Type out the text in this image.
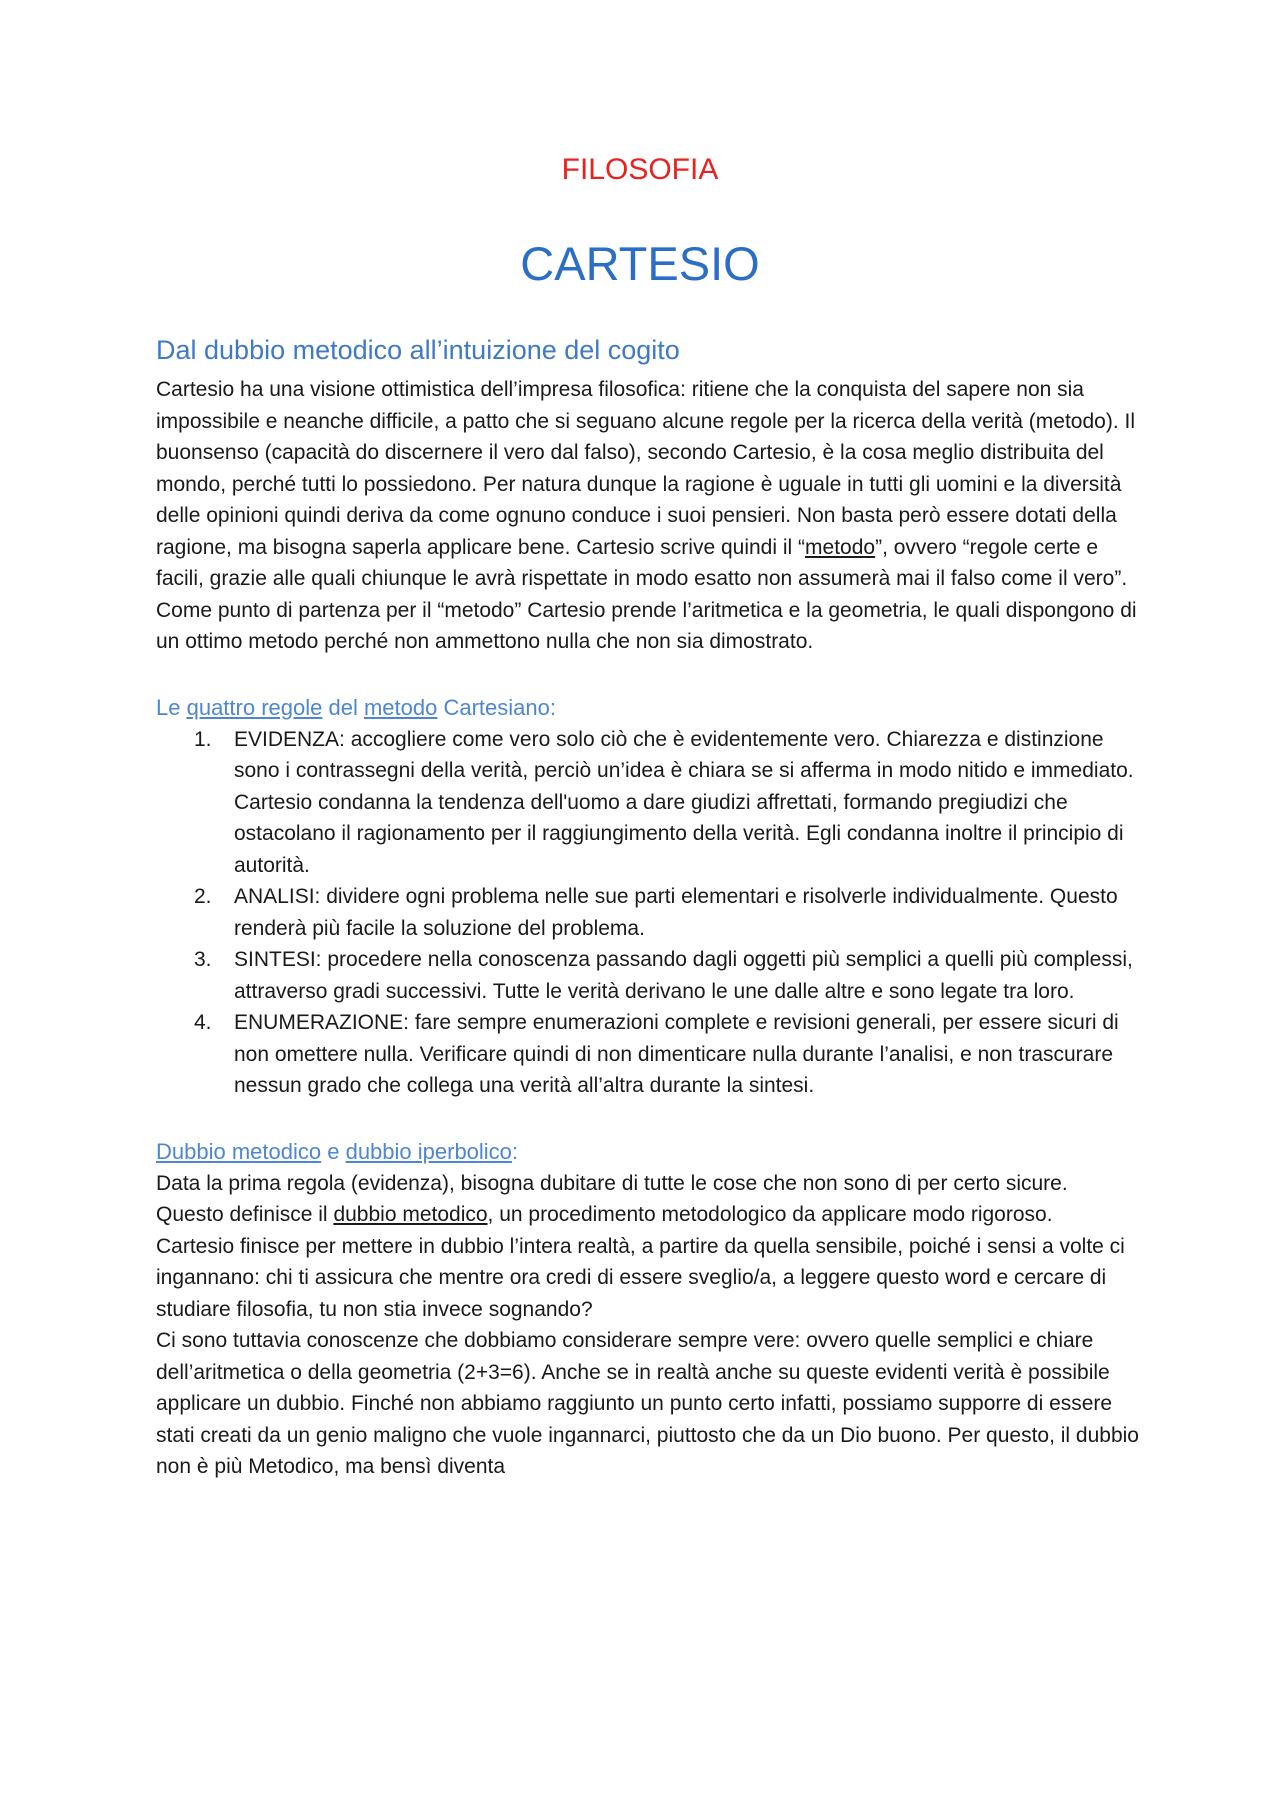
FILOSOFIA
CARTESIO
Dal dubbio metodico all’intuizione del cogito

Cartesio ha una visione ottimistica dell’impresa filosofica: ritiene che la conquista del sapere non sia impossibile e neanche difficile, a patto che si seguano alcune regole per la ricerca della verità (metodo). Il buonsenso (capacità do discernere il vero dal falso), secondo Cartesio, è la cosa meglio distribuita del mondo, perché tutti lo possiedono. Per natura dunque la ragione è uguale in tutti gli uomini e la diversità delle opinioni quindi deriva da come ognuno conduce i suoi pensieri. Non basta però essere dotati della ragione, ma bisogna saperla applicare bene. Cartesio scrive quindi il “metodo”, ovvero “regole certe e facili, grazie alle quali chiunque le avrà rispettate in modo esatto non assumerà mai il falso come il vero”. Come punto di partenza per il “metodo” Cartesio prende l’aritmetica e la geometria, le quali dispongono di un ottimo metodo perché non ammettono nulla che non sia dimostrato.

Le quattro regole del metodo Cartesiano:
1. EVIDENZA: accogliere come vero solo ciò che è evidentemente vero. Chiarezza e distinzione sono i contrassegni della verità, perciò un’idea è chiara se si afferma in modo nitido e immediato. Cartesio condanna la tendenza dell'uomo a dare giudizi affrettati, formando pregiudizi che ostacolano il ragionamento per il raggiungimento della verità. Egli condanna inoltre il principio di autorità.
2. ANALISI: dividere ogni problema nelle sue parti elementari e risolverle individualmente. Questo renderà più facile la soluzione del problema.
3. SINTESI: procedere nella conoscenza passando dagli oggetti più semplici a quelli più complessi, attraverso gradi successivi. Tutte le verità derivano le une dalle altre e sono legate tra loro.
4. ENUMERAZIONE: fare sempre enumerazioni complete e revisioni generali, per essere sicuri di non omettere nulla. Verificare quindi di non dimenticare nulla durante l’analisi, e non trascurare nessun grado che collega una verità all’altra durante la sintesi.
Dubbio metodico e dubbio iperbolico:

Data la prima regola (evidenza), bisogna dubitare di tutte le cose che non sono di per certo sicure. Questo definisce il dubbio metodico, un procedimento metodologico da applicare modo rigoroso.

Cartesio finisce per mettere in dubbio l’intera realtà, a partire da quella sensibile, poiché i sensi a volte ci ingannano: chi ti assicura che mentre ora credi di essere sveglio/a, a leggere questo word e cercare di studiare filosofia, tu non stia invece sognando?

Ci sono tuttavia conoscenze che dobbiamo considerare sempre vere: ovvero quelle semplici e chiare dell’aritmetica o della geometria (2+3=6). Anche se in realtà anche su queste evidenti verità è possibile applicare un dubbio. Finché non abbiamo raggiunto un punto certo infatti, possiamo supporre di essere stati creati da un genio maligno che vuole ingannarci, piuttosto che da un Dio buono. Per questo, il dubbio non è più Metodico, ma bensì diventa
